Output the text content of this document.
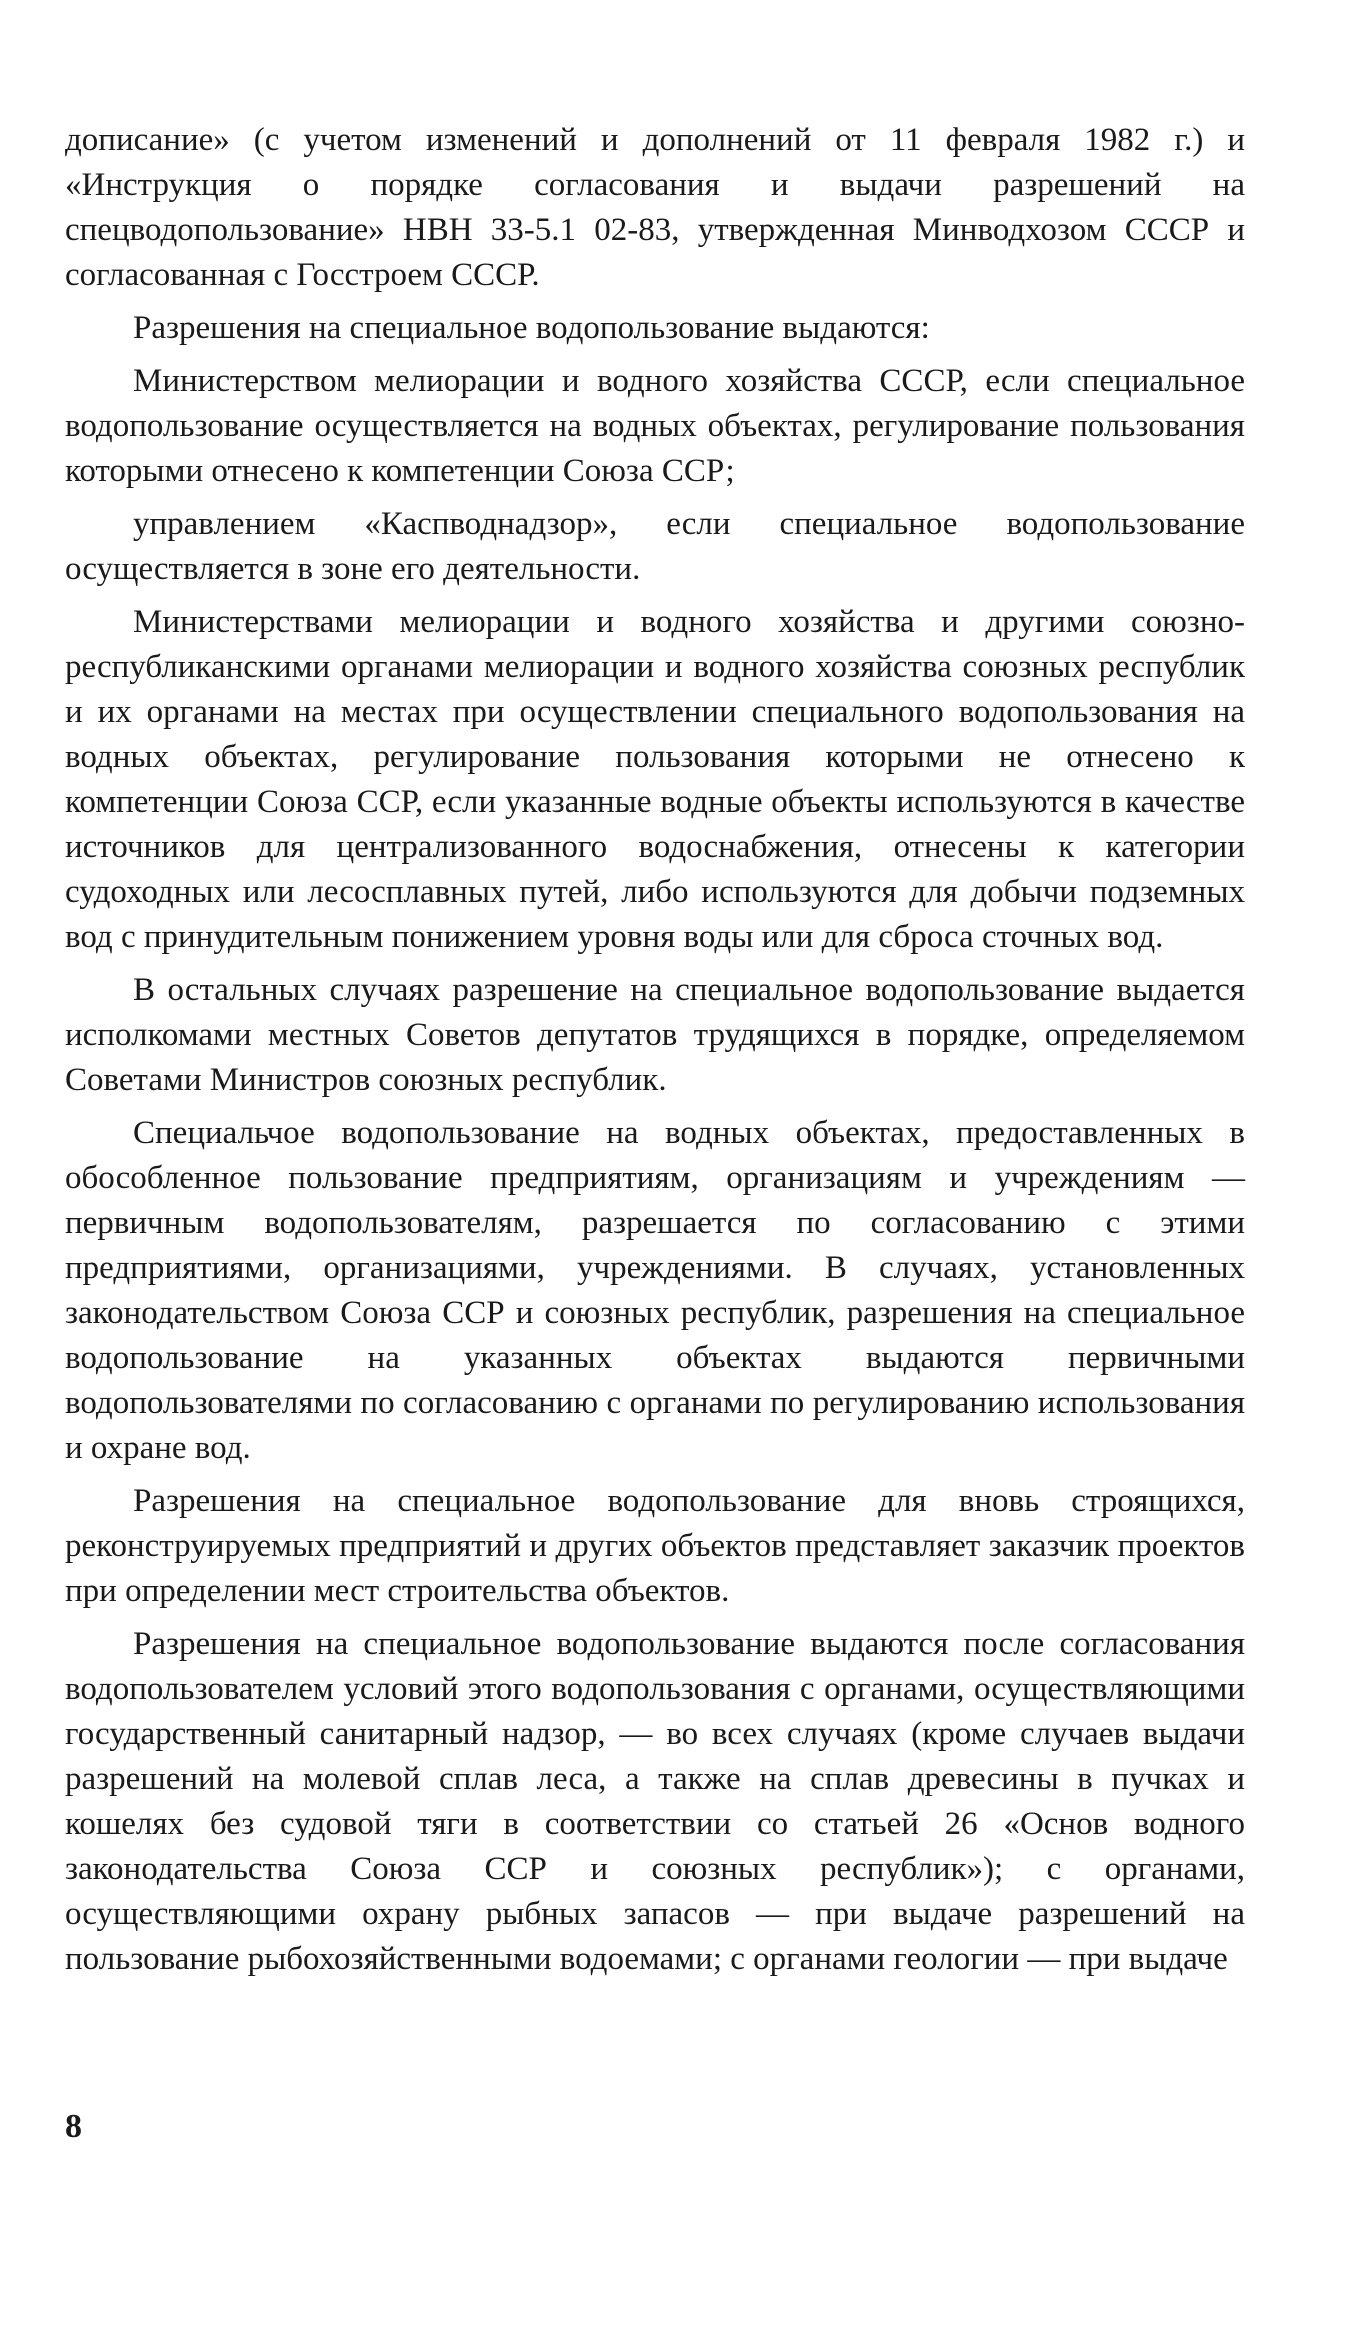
дописание» (с учетом изменений и дополнений от 11 февраля 1982 г.) и «Инструкция о порядке согласования и выдачи разрешений на спецводопользование» НВН 33-5.1 02-83, утвержденная Минводхозом СССР и согласованная с Госстроем СССР.

Разрешения на специальное водопользование выдаются:

Министерством мелиорации и водного хозяйства СССР, если специальное водопользование осуществляется на водных объектах, регулирование пользования которыми отнесено к компетенции Союза ССР;

управлением «Каспводнадзор», если специальное водопользование осуществляется в зоне его деятельности.

Министерствами мелиорации и водного хозяйства и другими союзно-республиканскими органами мелиорации и водного хозяйства союзных республик и их органами на местах при осуществлении специального водопользования на водных объектах, регулирование пользования которыми не отнесено к компетенции Союза ССР, если указанные водные объекты используются в качестве источников для централизованного водоснабжения, отнесены к категории судоходных или лесосплавных путей, либо используются для добычи подземных вод с принудительным понижением уровня воды или для сброса сточных вод.

В остальных случаях разрешение на специальное водопользование выдается исполкомами местных Советов депутатов трудящихся в порядке, определяемом Советами Министров союзных республик.

Специальчое водопользование на водных объектах, предоставленных в обособленное пользование предприятиям, организациям и учреждениям — первичным водопользователям, разрешается по согласованию с этими предприятиями, организациями, учреждениями. В случаях, установленных законодательством Союза ССР и союзных республик, разрешения на специальное водопользование на указанных объектах выдаются первичными водопользователями по согласованию с органами по регулированию использования и охране вод.

Разрешения на специальное водопользование для вновь строящихся, реконструируемых предприятий и других объектов представляет заказчик проектов при определении мест строительства объектов.

Разрешения на специальное водопользование выдаются после согласования водопользователем условий этого водопользования с органами, осуществляющими государственный санитарный надзор, — во всех случаях (кроме случаев выдачи разрешений на молевой сплав леса, а также на сплав древесины в пучках и кошелях без судовой тяги в соответствии со статьей 26 «Основ водного законодательства Союза ССР и союзных республик»); с органами, осуществляющими охрану рыбных запасов — при выдаче разрешений на пользование рыбохозяйственными водоемами; с органами геологии — при выдаче

8
